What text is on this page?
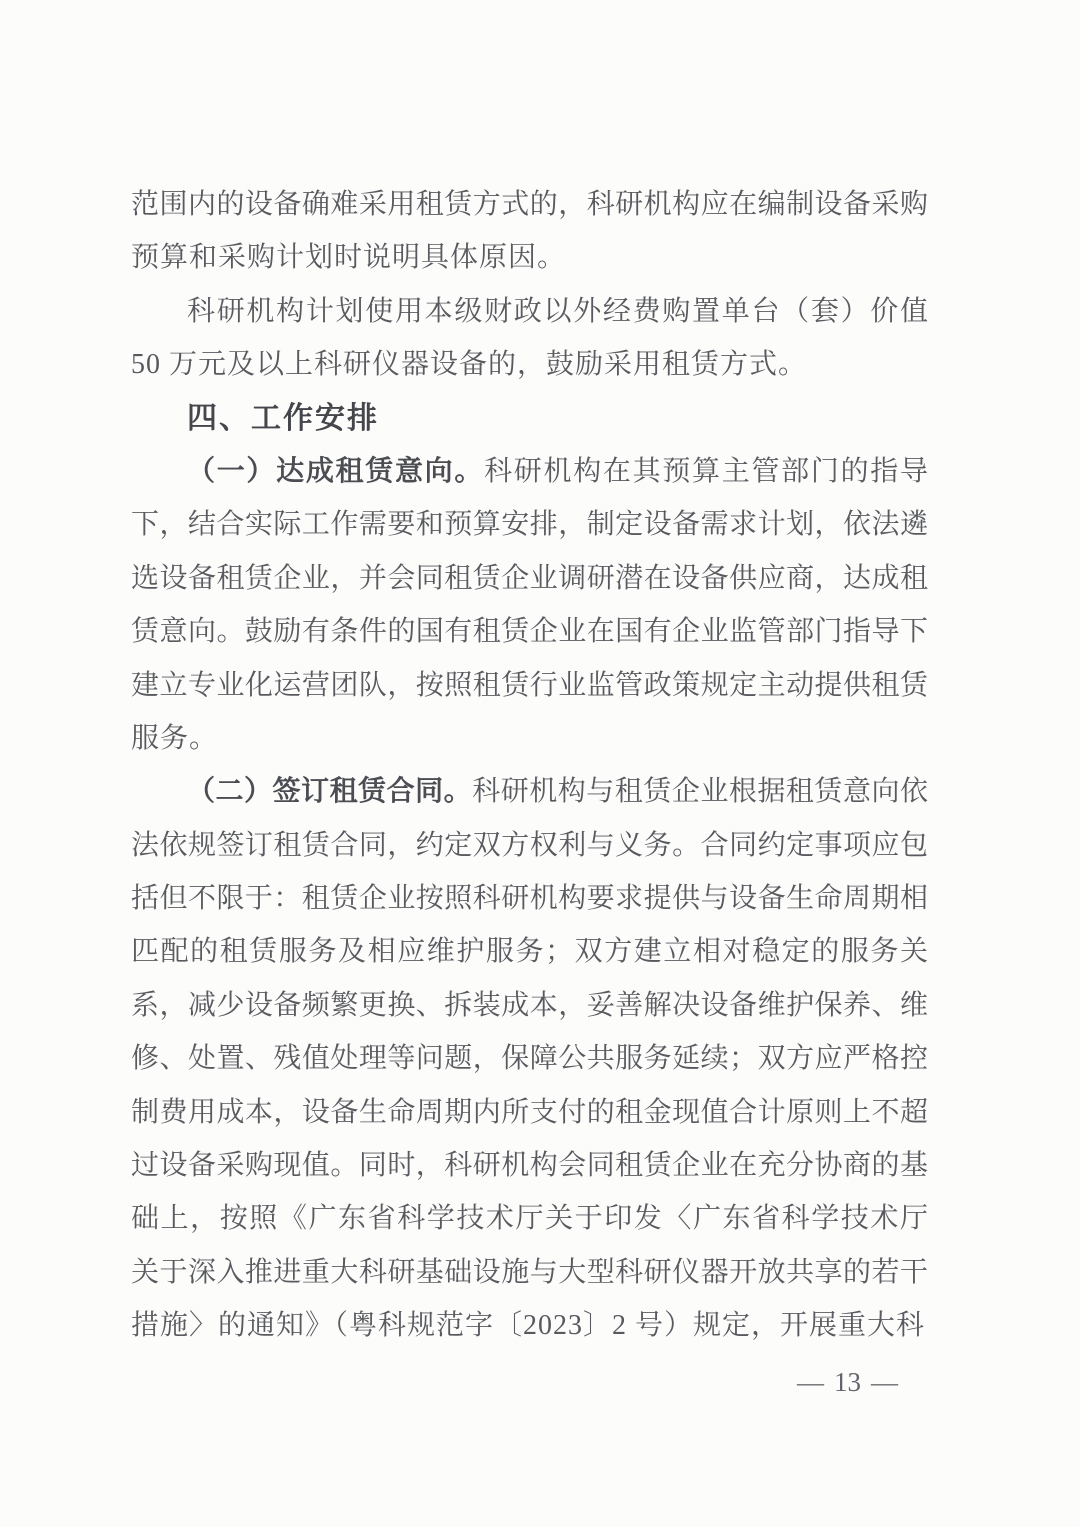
范围内的设备确难采用租赁方式的，科研机构应在编制设备采购
预算和采购计划时说明具体原因。
科研机构计划使用本级财政以外经费购置单台（套）价值
50 万元及以上科研仪器设备的，鼓励采用租赁方式。
四、工作安排
（一）达成租赁意向。科研机构在其预算主管部门的指导
下，结合实际工作需要和预算安排，制定设备需求计划，依法遴
选设备租赁企业，并会同租赁企业调研潜在设备供应商，达成租
赁意向。鼓励有条件的国有租赁企业在国有企业监管部门指导下
建立专业化运营团队，按照租赁行业监管政策规定主动提供租赁
服务。
（二）签订租赁合同。科研机构与租赁企业根据租赁意向依
法依规签订租赁合同，约定双方权利与义务。合同约定事项应包
括但不限于：租赁企业按照科研机构要求提供与设备生命周期相
匹配的租赁服务及相应维护服务；双方建立相对稳定的服务关
系，减少设备频繁更换、拆装成本，妥善解决设备维护保养、维
修、处置、残值处理等问题，保障公共服务延续；双方应严格控
制费用成本，设备生命周期内所支付的租金现值合计原则上不超
过设备采购现值。同时，科研机构会同租赁企业在充分协商的基
础上，按照《广东省科学技术厅关于印发〈广东省科学技术厅
关于深入推进重大科研基础设施与大型科研仪器开放共享的若干
措施〉的通知》（粤科规范字〔2023〕2 号）规定，开展重大科
— 13 —
